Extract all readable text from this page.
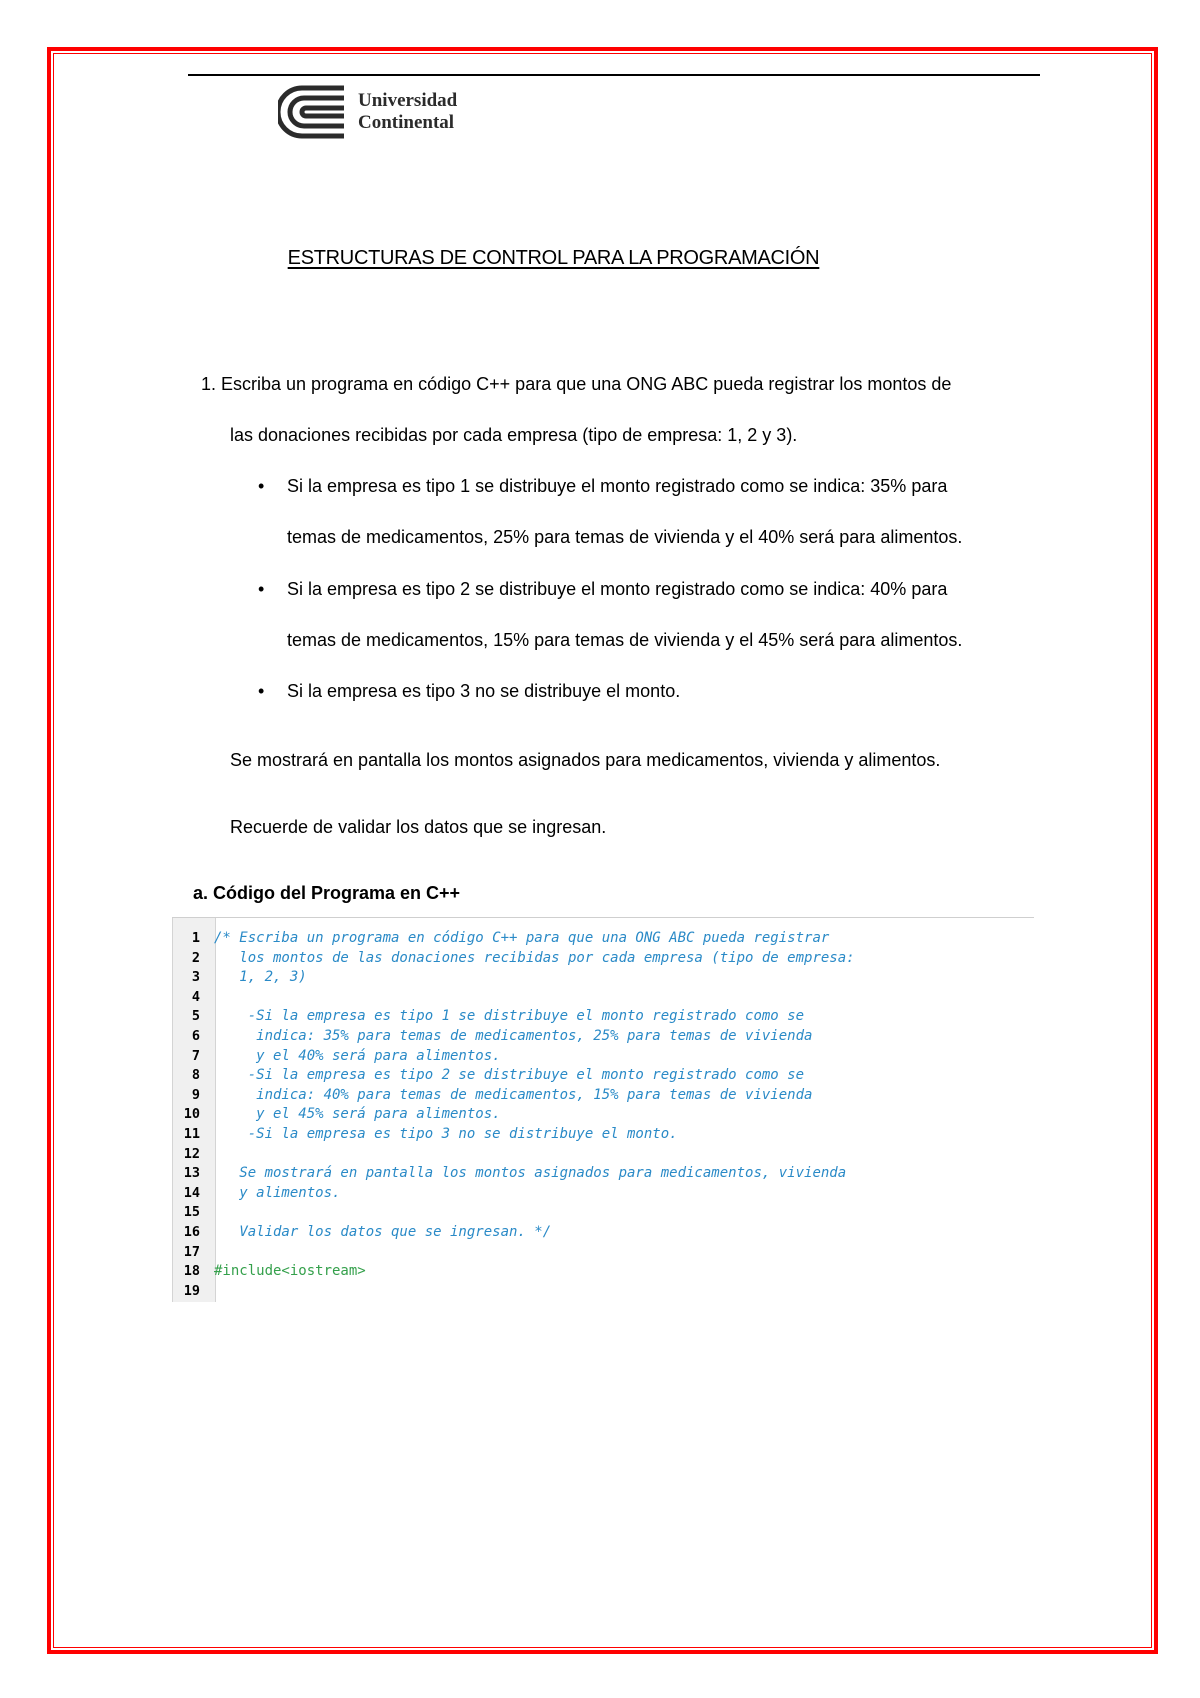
Universidad
Continental
ESTRUCTURAS DE CONTROL PARA LA PROGRAMACIÓN

1. Escriba un programa en código C++ para que una ONG ABC pueda registrar los montos de

las donaciones recibidas por cada empresa (tipo de empresa: 1, 2 y 3).

• Si la empresa es tipo 1 se distribuye el monto registrado como se indica: 35% para

temas de medicamentos, 25% para temas de vivienda y el 40% será para alimentos.

• Si la empresa es tipo 2 se distribuye el monto registrado como se indica: 40% para

temas de medicamentos, 15% para temas de vivienda y el 45% será para alimentos.

• Si la empresa es tipo 3 no se distribuye el monto.

Se mostrará en pantalla los montos asignados para medicamentos, vivienda y alimentos.

Recuerde de validar los datos que se ingresan.

a. Código del Programa en C++

1 /* Escriba un programa en código C++ para que una ONG ABC pueda registrar
2 los montos de las donaciones recibidas por cada empresa (tipo de empresa:
3 1, 2, 3)
4
5 -Si la empresa es tipo 1 se distribuye el monto registrado como se
6 indica: 35% para temas de medicamentos, 25% para temas de vivienda
7 y el 40% será para alimentos.
8 -Si la empresa es tipo 2 se distribuye el monto registrado como se
9 indica: 40% para temas de medicamentos, 15% para temas de vivienda
10 y el 45% será para alimentos.
11 -Si la empresa es tipo 3 no se distribuye el monto.
12
13 Se mostrará en pantalla los montos asignados para medicamentos, vivienda
14 y alimentos.
15
16 Validar los datos que se ingresan. */
17
18 #include<iostream>
19
